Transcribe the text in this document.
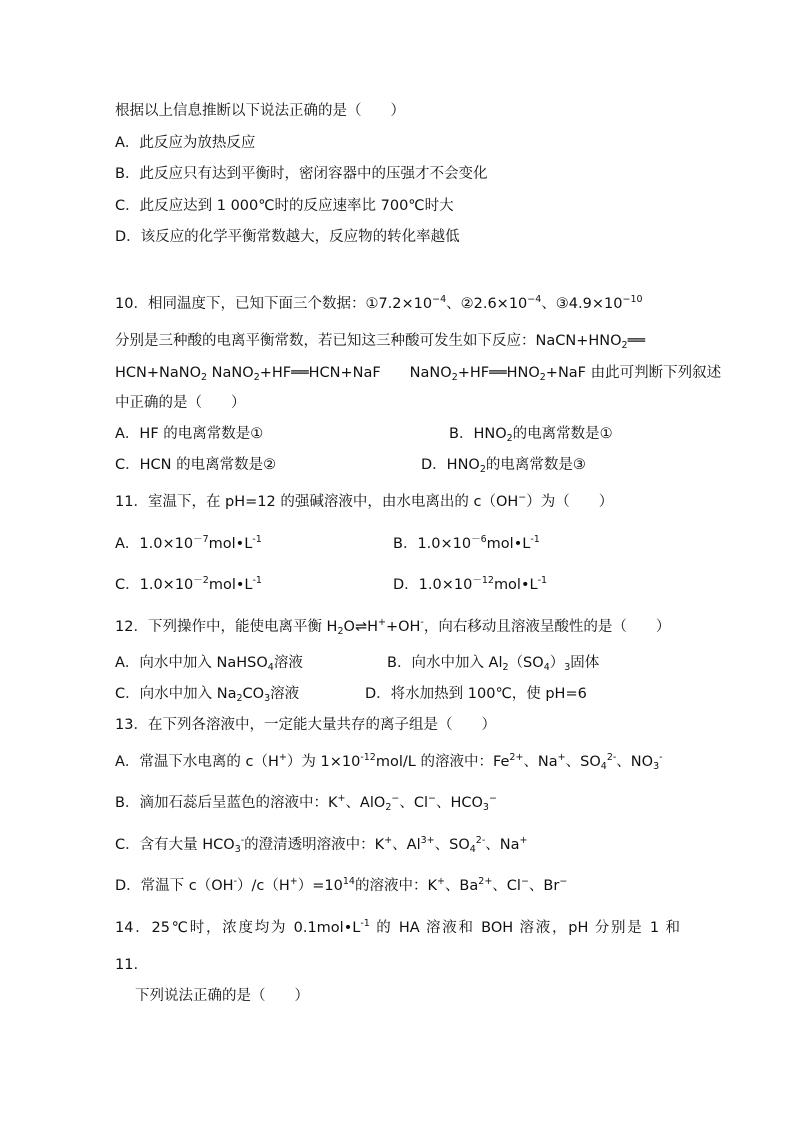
根据以上信息推断以下说法正确的是（　　）
A．此反应为放热反应
B．此反应只有达到平衡时，密闭容器中的压强才不会变化
C．此反应达到 1 000℃时的反应速率比 700℃时大
D．该反应的化学平衡常数越大，反应物的转化率越低
10．相同温度下，已知下面三个数据：$①7.2\times 10^{-4}$、$②2.6\times 10^{-4}$、$③4.9\times 10^{-10}$
分别是三种酸的电离平衡常数，若已知这三种酸可发生如下反应：$NaCN+HNO_2══$
HCN+NaNO$_2$ NaNO$_2$+HF══HCN+NaF　　$NaNO_2+HF══HNO_2+NaF$ 由此可判断下列叙述
中正确的是（　　）
A．HF 的电离常数是①	B．$HNO_2$的电离常数是①
C．HCN 的电离常数是②	D．$HNO_2$的电离常数是③
11．室温下，在 pH=12 的强碱溶液中，由水电离出的 c（OH−）为（　　）
A．$1.0\times 10^{-7}mol•L^{-1}$	B．$1.0\times 10^{-6}mol•L^{-1}$
C．$1.0\times 10^{-2}mol•L^{-1}$	D．$1.0\times 10^{-12}mol•L^{-1}$
12．下列操作中，能使电离平衡 $H_2O\rightleftharpoons H^++OH^-$，向右移动且溶液呈酸性的是（　　）
A．向水中加入 NaHSO$_4$溶液	B．向水中加入 $Al_2(SO_4)_3$固体
C．向水中加入 $Na_2CO_3$溶液	D．将水加热到 100℃，使 pH=6
13．在下列各溶液中，一定能大量共存的离子组是（　　）
A．常温下水电离的 c（H+）为 $1\times 10^{-12}mol/L$ 的溶液中：$Fe^{2+}$、Na+、$SO_4^{2-}$、$NO_3^-$
B．滴加石蕊后呈蓝色的溶液中：K+、AlO$_2$−、Cl−、$HCO_3^-$
C．含有大量 $HCO_3^-$的澄清透明溶液中：K+、$Al^{3+}$、$SO_4^{2-}$、Na+
D．常温下 $c(OH^-)/c(H^+)=10^{14}$的溶液中：K+、$Ba^{2+}$、Cl−、Br−
14．25℃时，浓度均为 $0.1mol•L^{-1}$ 的 HA 溶液和 BOH 溶液，pH 分别是 1 和
11.
下列说法正确的是（　　）
